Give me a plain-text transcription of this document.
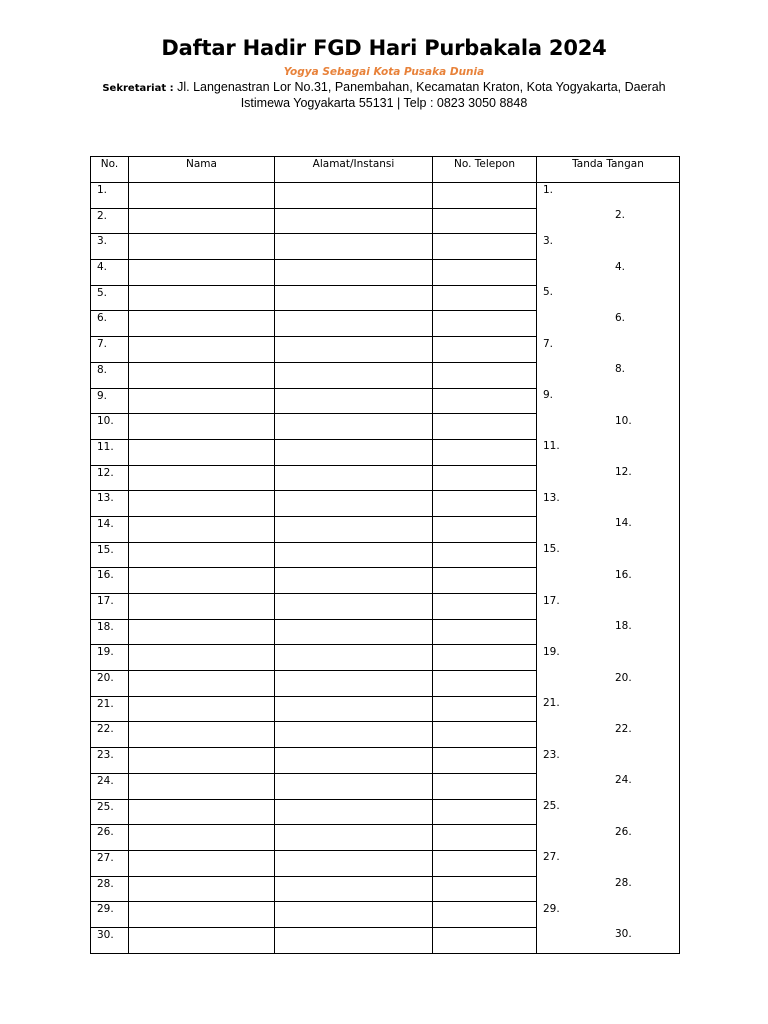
Daftar Hadir FGD Hari Purbakala 2024
Yogya Sebagai Kota Pusaka Dunia
Sekretariat : Jl. Langenastran Lor No.31, Panembahan, Kecamatan Kraton, Kota Yogyakarta, Daerah
Istimewa Yogyakarta 55131 | Telp : 0823 3050 8848
No.	Nama	Alamat/Instansi	No. Telepon	Tanda Tangan
1.				1.

2.				2.

3.				3.

4.				4.

5.				5.

6.				6.

7.				7.

8.				8.

9.				9.

10.				10.

11.				11.

12.				12.

13.				13.

14.				14.

15.				15.

16.				16.

17.				17.

18.				18.

19.				19.

20.				20.

21.				21.

22.				22.

23.				23.

24.				24.

25.				25.

26.				26.

27.				27.

28.				28.

29.				29.

30.				30.
